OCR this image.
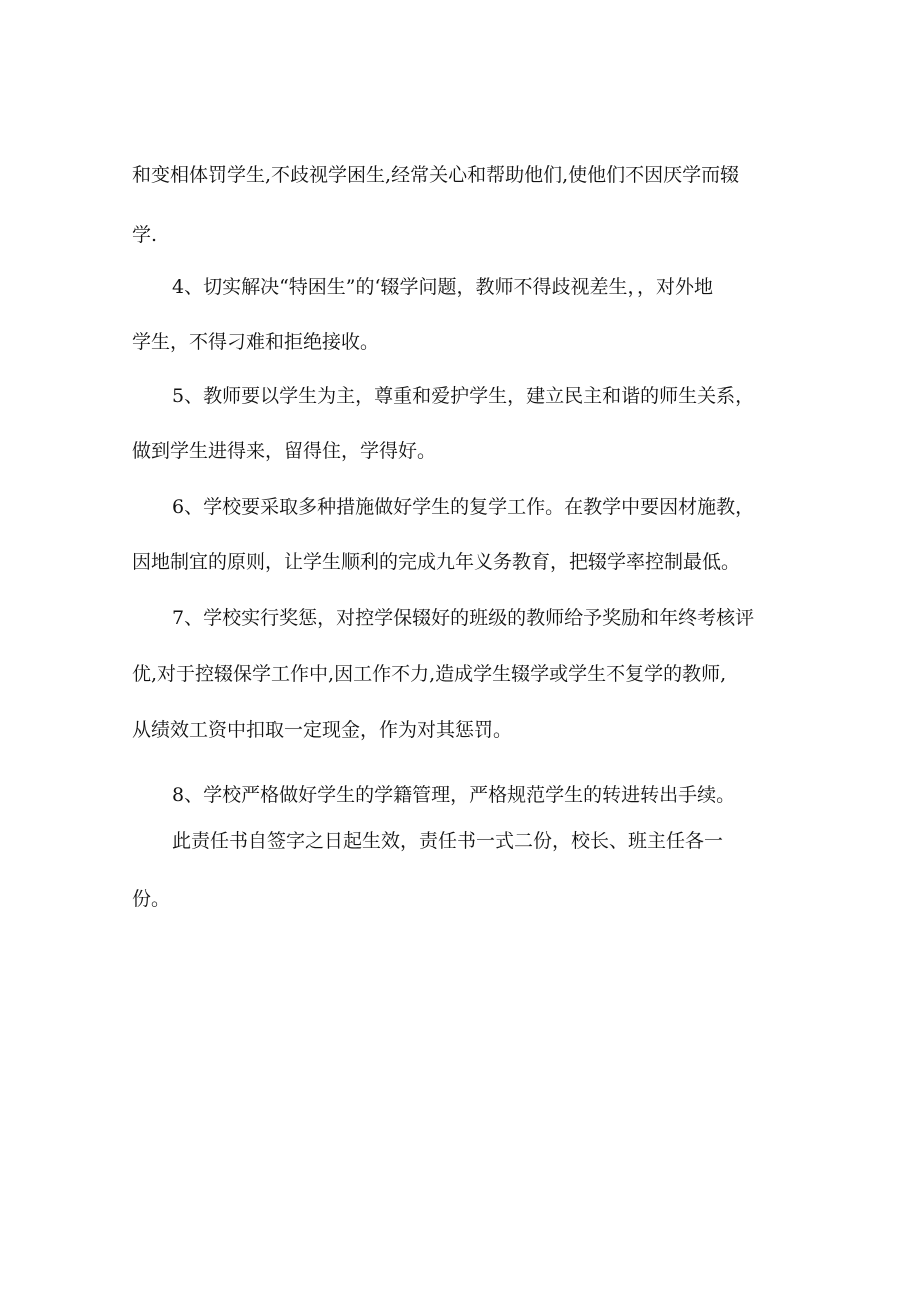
和变相体罚学生,不歧视学困生,经常关心和帮助他们,使他们不因厌学而辍
学.
4、切实解决“特困生”的‘辍学问题，教师不得歧视差生，，对外地
学生，不得刁难和拒绝接收。
5、教师要以学生为主，尊重和爱护学生，建立民主和谐的师生关系，
做到学生进得来，留得住，学得好。
6、学校要采取多种措施做好学生的复学工作。在教学中要因材施教，
因地制宜的原则，让学生顺利的完成九年义务教育，把辍学率控制最低。
7、学校实行奖惩，对控学保辍好的班级的教师给予奖励和年终考核评
优,对于控辍保学工作中,因工作不力,造成学生辍学或学生不复学的教师,
从绩效工资中扣取一定现金，作为对其惩罚。
8、学校严格做好学生的学籍管理，严格规范学生的转进转出手续。
此责任书自签字之日起生效，责任书一式二份，校长、班主任各一
份。
